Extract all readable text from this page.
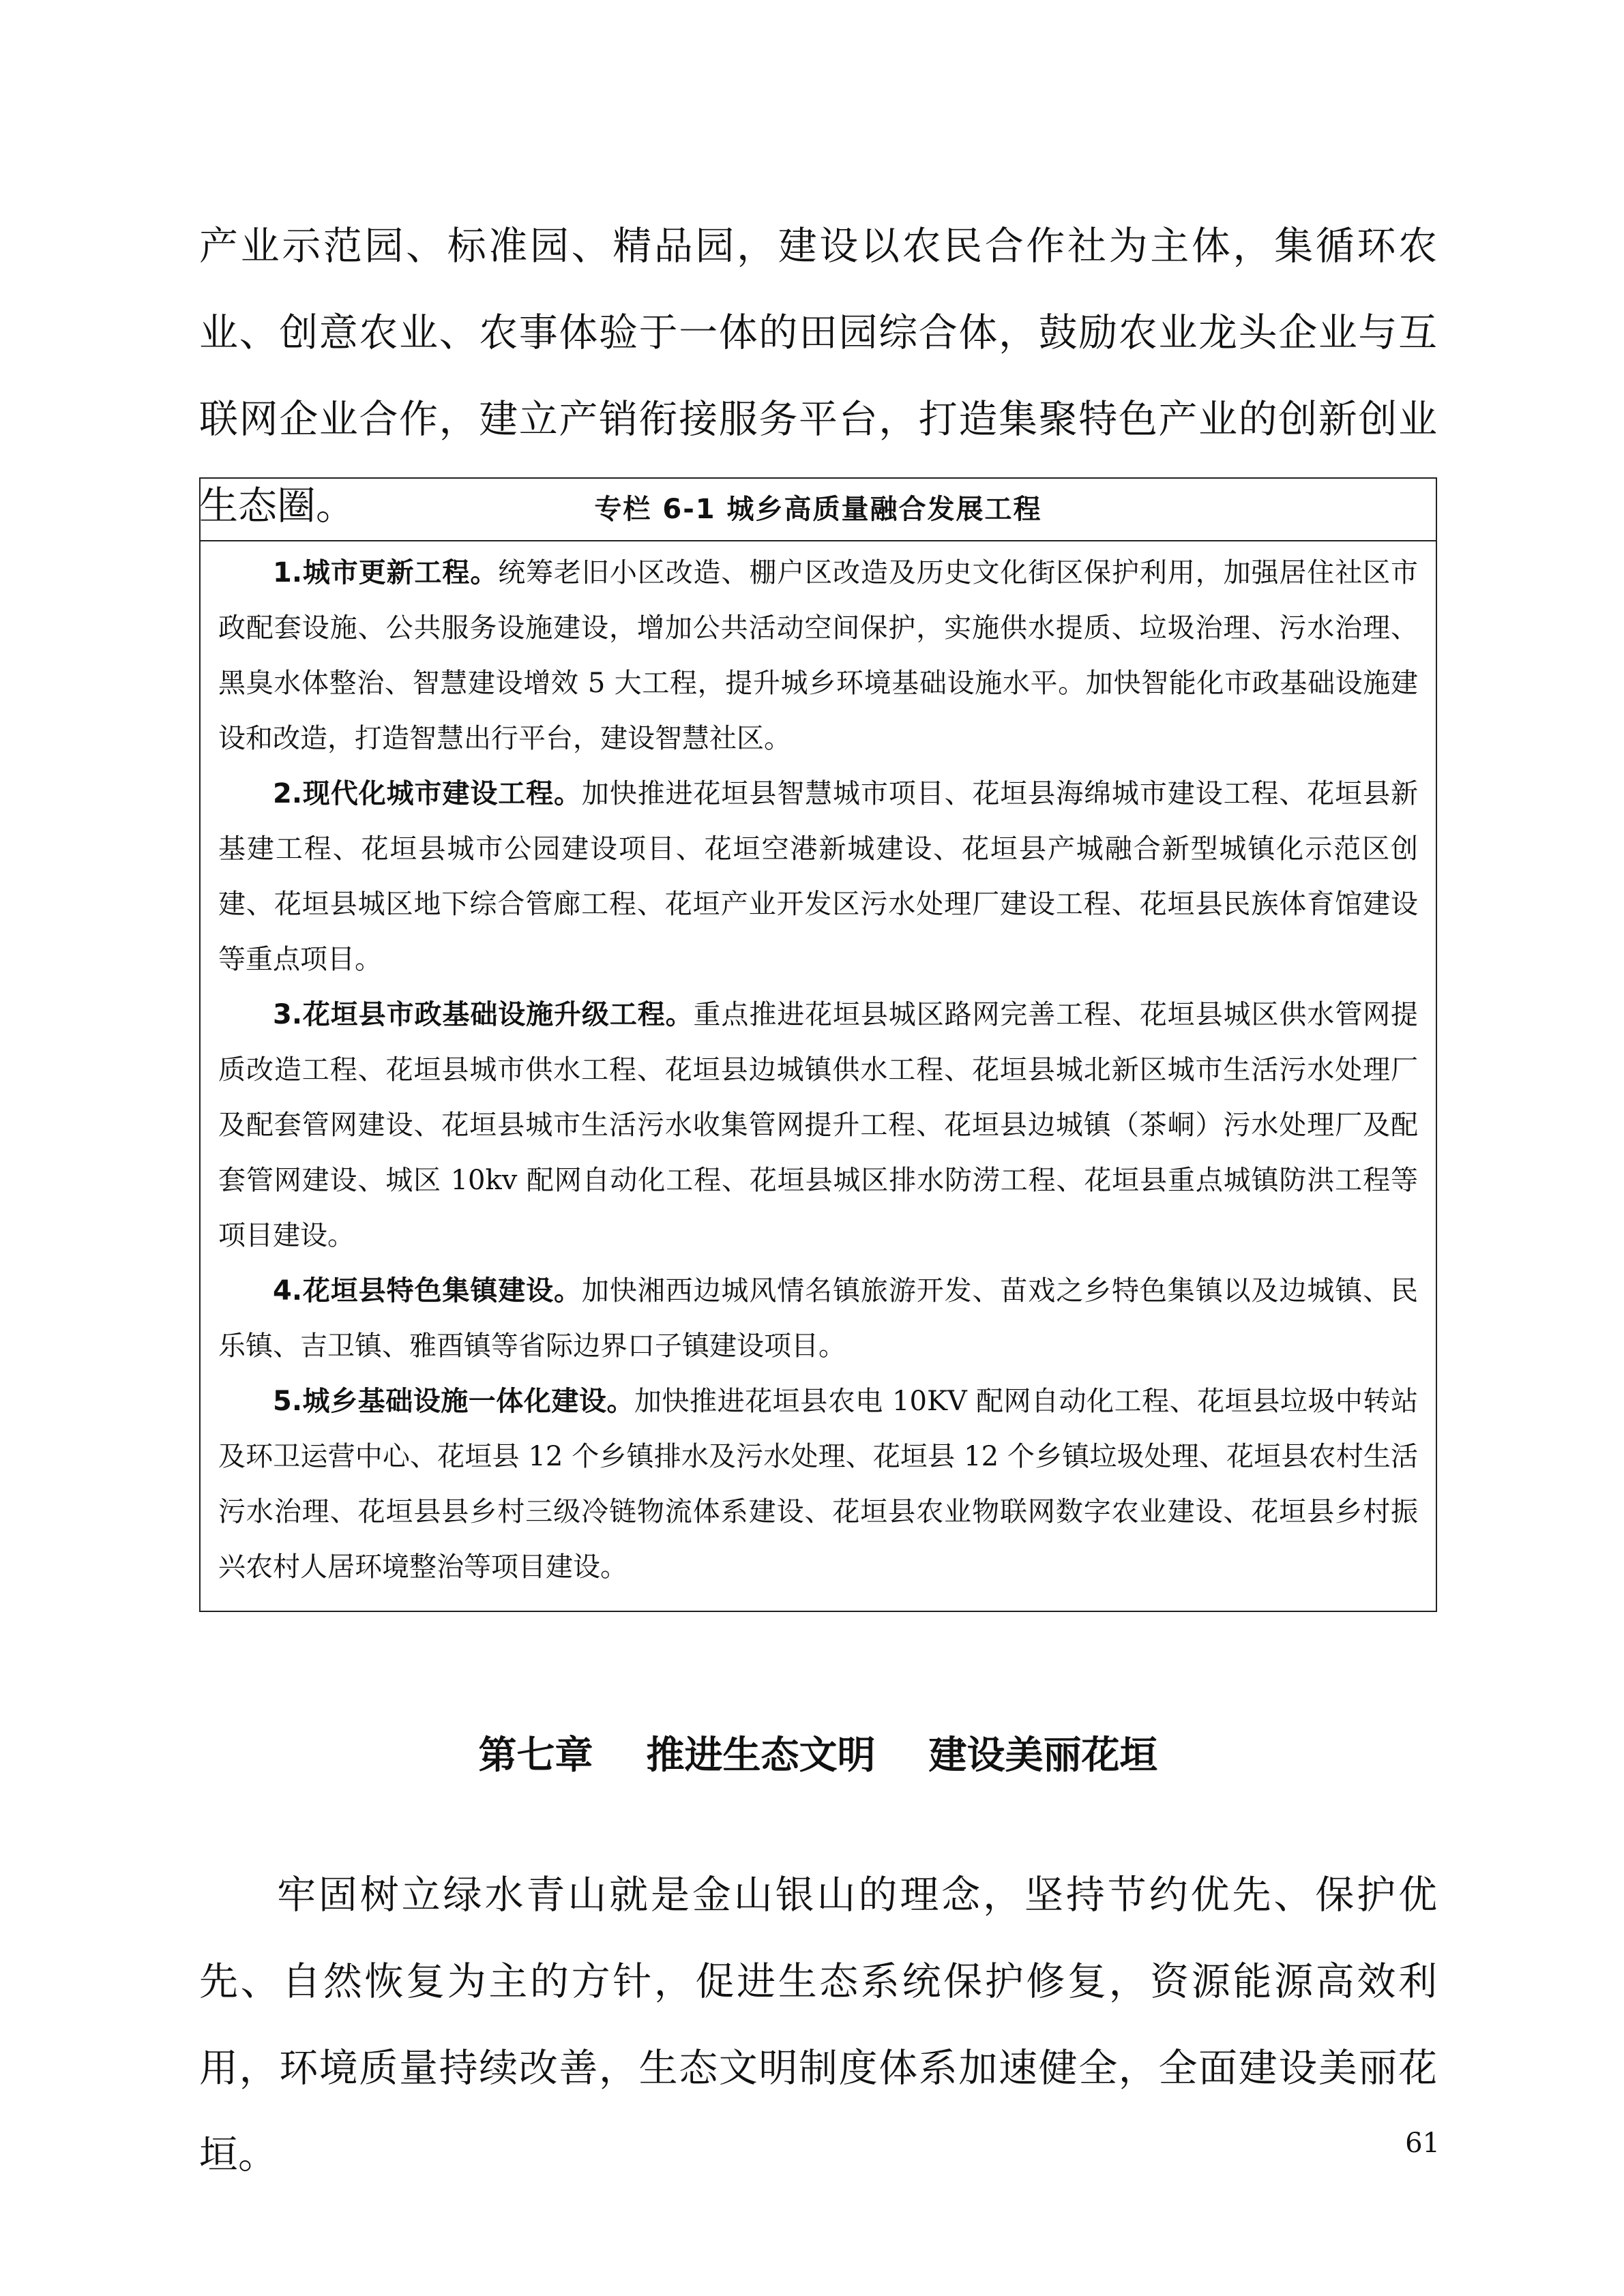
产业示范园、标准园、精品园，建设以农民合作社为主体，集循环农业、创意农业、农事体验于一体的田园综合体，鼓励农业龙头企业与互联网企业合作，建立产销衔接服务平台，打造集聚特色产业的创新创业生态圈。	专栏 6-1 城乡高质量融合发展工程

1.城市更新工程。统筹老旧小区改造、棚户区改造及历史文化街区保护利用，加强居住社区市政配套设施、公共服务设施建设，增加公共活动空间保护，实施供水提质、垃圾治理、污水治理、黑臭水体整治、智慧建设增效 5 大工程，提升城乡环境基础设施水平。加快智能化市政基础设施建设和改造，打造智慧出行平台，建设智慧社区。

2.现代化城市建设工程。加快推进花垣县智慧城市项目、花垣县海绵城市建设工程、花垣县新基建工程、花垣县城市公园建设项目、花垣空港新城建设、花垣县产城融合新型城镇化示范区创建、花垣县城区地下综合管廊工程、花垣产业开发区污水处理厂建设工程、花垣县民族体育馆建设等重点项目。

3.花垣县市政基础设施升级工程。重点推进花垣县城区路网完善工程、花垣县城区供水管网提质改造工程、花垣县城市供水工程、花垣县边城镇供水工程、花垣县城北新区城市生活污水处理厂及配套管网建设、花垣县城市生活污水收集管网提升工程、花垣县边城镇（茶峒）污水处理厂及配套管网建设、城区 10kv 配网自动化工程、花垣县城区排水防涝工程、花垣县重点城镇防洪工程等项目建设。

4.花垣县特色集镇建设。加快湘西边城风情名镇旅游开发、苗戏之乡特色集镇以及边城镇、民乐镇、吉卫镇、雅酉镇等省际边界口子镇建设项目。

5.城乡基础设施一体化建设。加快推进花垣县农电 10KV 配网自动化工程、花垣县垃圾中转站及环卫运营中心、花垣县 12 个乡镇排水及污水处理、花垣县 12 个乡镇垃圾处理、花垣县农村生活污水治理、花垣县县乡村三级冷链物流体系建设、花垣县农业物联网数字农业建设、花垣县乡村振兴农村人居环境整治等项目建设。

第七章    推进生态文明    建设美丽花垣

牢固树立绿水青山就是金山银山的理念，坚持节约优先、保护优先、自然恢复为主的方针，促进生态系统保护修复，资源能源高效利用，环境质量持续改善，生态文明制度体系加速健全，全面建设美丽花垣。	61
